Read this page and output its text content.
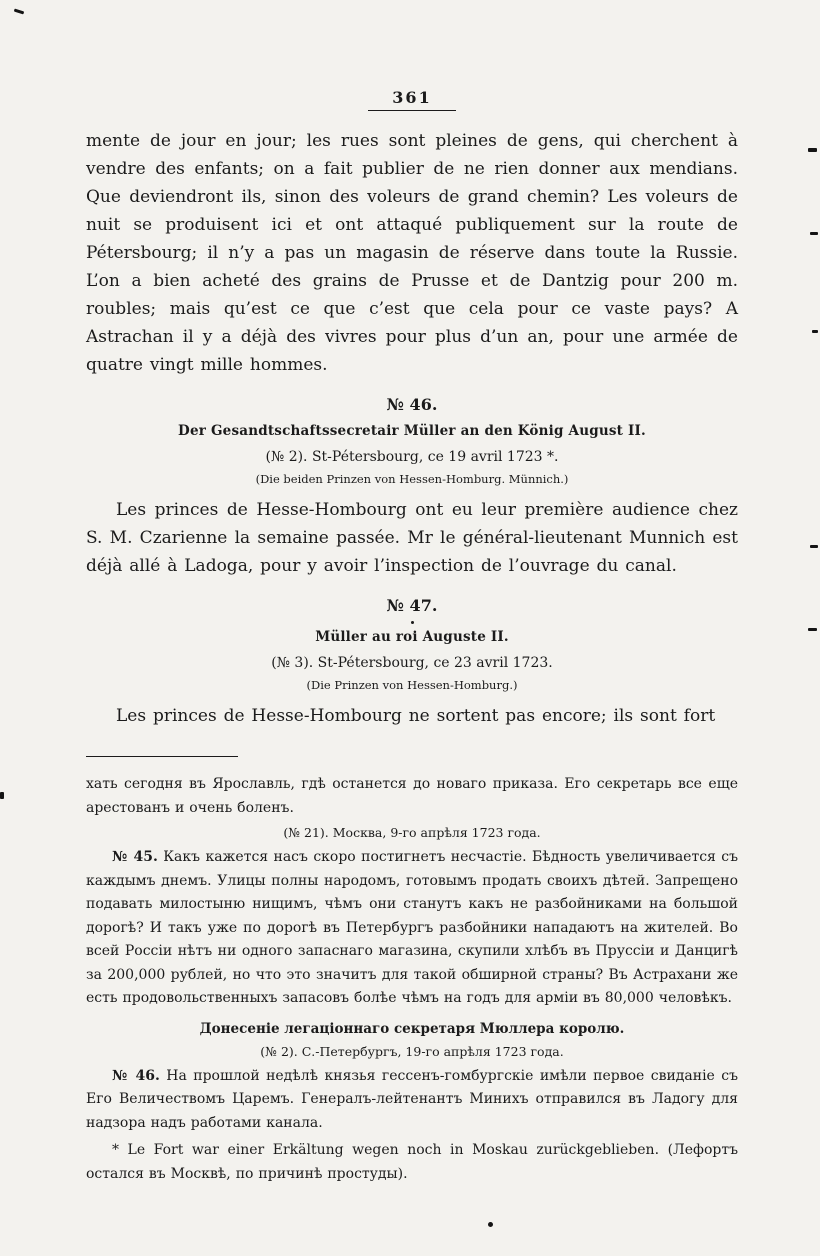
361

mente de jour en jour; les rues sont pleines de gens, qui cherchent à vendre des enfants; on a fait publier de ne rien donner aux mendians. Que deviendront ils, sinon des voleurs de grand chemin? Les voleurs de nuit se produisent ici et ont attaqué publiquement sur la route de Pétersbourg; il n’y a pas un magasin de réserve dans toute la Russie. L’on a bien acheté des grains de Prusse et de Dantzig pour 200 m. roubles; mais qu’est ce que c’est que cela pour ce vaste pays? A Astrachan il y a déjà des vivres pour plus d’un an, pour une armée de quatre vingt mille hommes.

№ 46.
Der Gesandtschaftssecretair Müller an den König August II.
(№ 2). St-Pétersbourg, ce 19 avril 1723 *.
(Die beiden Prinzen von Hessen-Homburg. Münnich.)

Les princes de Hesse-Hombourg ont eu leur première audience chez S. M. Czarienne la semaine passée. Mr le général-lieutenant Munnich est déjà allé à Ladoga, pour y avoir l’inspection de l’ouvrage du canal.

№ 47.
Müller au roi Auguste II.
(№ 3). St-Pétersbourg, ce 23 avril 1723.
(Die Prinzen von Hessen-Homburg.)

Les princes de Hesse-Hombourg ne sortent pas encore; ils sont fort

хать сегодня въ Ярославль, гдѣ останется до новаго приказа. Его секретарь все еще арестованъ и очень боленъ.

(№ 21). Москва, 9-го апрѣля 1723 года.

№ 45. Какъ кажется насъ скоро постигнетъ несчастіе. Бѣдность увеличивается съ каждымъ днемъ. Улицы полны народомъ, готовымъ продать своихъ дѣтей. Запрещено подавать милостыню нищимъ, чѣмъ они станутъ какъ не разбойниками на большой дорогѣ? И такъ уже по дорогѣ въ Петербургъ разбойники нападаютъ на жителей. Во всей Россіи нѣтъ ни одного запаснаго магазина, скупили хлѣбъ въ Пруссіи и Данцигѣ за 200,000 рублей, но что это значитъ для такой обширной страны? Въ Астрахани же есть продовольственныхъ запасовъ болѣе чѣмъ на годъ для арміи въ 80,000 человѣкъ.

Донесеніе легаціоннаго секретаря Мюллера королю.
(№ 2). С.-Петербургъ, 19-го апрѣля 1723 года.

№ 46. На прошлой недѣлѣ князья гессенъ-гомбургскіе имѣли первое свиданіе съ Его Величествомъ Царемъ. Генералъ-лейтенантъ Минихъ отправился въ Ладогу для надзора надъ работами канала.

* Le Fort war einer Erkältung wegen noch in Moskau zurückgeblieben. (Лефортъ остался въ Москвѣ, по причинѣ простуды).
